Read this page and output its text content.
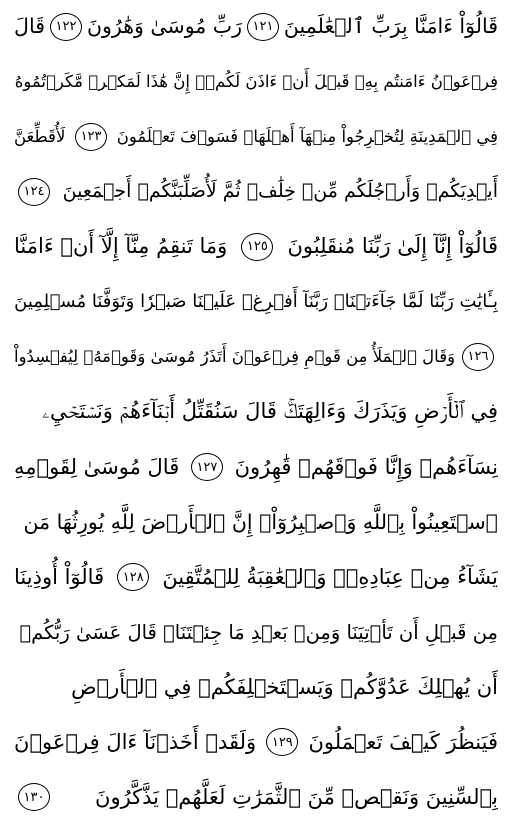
قَالُوٓاْ ءَامَنَّا بِرَبِّ ٱلۡعَٰلَمِينَ
١٢١
رَبِّ مُوسَىٰ وَهَٰرُونَ
١٢٢
قَالَ
فِرۡعَوۡنُ ءَامَنتُم بِهِۦ قَبۡلَ أَنۡ ءَاذَنَ لَكُمۡۖ إِنَّ هَٰذَا لَمَكۡرٞ مَّكَرۡتُمُوهُ
فِي ٱلۡمَدِينَةِ لِتُخۡرِجُواْ مِنۡهَآ أَهۡلَهَاۖ فَسَوۡفَ تَعۡلَمُونَ
١٢٣
لَأُقَطِّعَنَّ
أَيۡدِيَكُمۡ وَأَرۡجُلَكُم مِّنۡ خِلَٰفٖ ثُمَّ لَأُصَلِّبَنَّكُمۡ أَجۡمَعِينَ
١٢٤
قَالُوٓاْ إِنَّآ إِلَىٰ رَبِّنَا مُنقَلِبُونَ
١٢٥
وَمَا تَنقِمُ مِنَّآ إِلَّآ أَنۡ ءَامَنَّا
بِـَٔايَٰتِ رَبِّنَا لَمَّا جَآءَتۡنَاۚ رَبَّنَآ أَفۡرِغۡ عَلَيۡنَا صَبۡرٗا وَتَوَفَّنَا مُسۡلِمِينَ
١٢٦
وَقَالَ ٱلۡمَلَأُ مِن قَوۡمِ فِرۡعَوۡنَ أَتَذَرُ مُوسَىٰ وَقَوۡمَهُۥ لِيُفۡسِدُواْ
فِي ٱلۡأَرۡضِ وَيَذَرَكَ وَءَالِهَتَكَۚ قَالَ سَنُقَتِّلُ أَبۡنَآءَهُمۡ وَنَسۡتَحۡيِۦ
نِسَآءَهُمۡ وَإِنَّا فَوۡقَهُمۡ قَٰهِرُونَ
١٢٧
قَالَ مُوسَىٰ لِقَوۡمِهِ
ٱسۡتَعِينُواْ بِٱللَّهِ وَٱصۡبِرُوٓاْۖ إِنَّ ٱلۡأَرۡضَ لِلَّهِ يُورِثُهَا مَن
يَشَآءُ مِنۡ عِبَادِهِۦۖ وَٱلۡعَٰقِبَةُ لِلۡمُتَّقِينَ
١٢٨
قَالُوٓاْ أُوذِينَا
مِن قَبۡلِ أَن تَأۡتِيَنَا وَمِنۢ بَعۡدِ مَا جِئۡتَنَاۚ قَالَ عَسَىٰ رَبُّكُمۡ
أَن يُهۡلِكَ عَدُوَّكُمۡ وَيَسۡتَخۡلِفَكُمۡ فِي ٱلۡأَرۡضِ
فَيَنظُرَ كَيۡفَ تَعۡمَلُونَ
١٢٩
وَلَقَدۡ أَخَذۡنَآ ءَالَ فِرۡعَوۡنَ
بِٱلسِّنِينَ وَنَقۡصٖ مِّنَ ٱلثَّمَرَٰتِ لَعَلَّهُمۡ يَذَّكَّرُونَ
١٣٠
